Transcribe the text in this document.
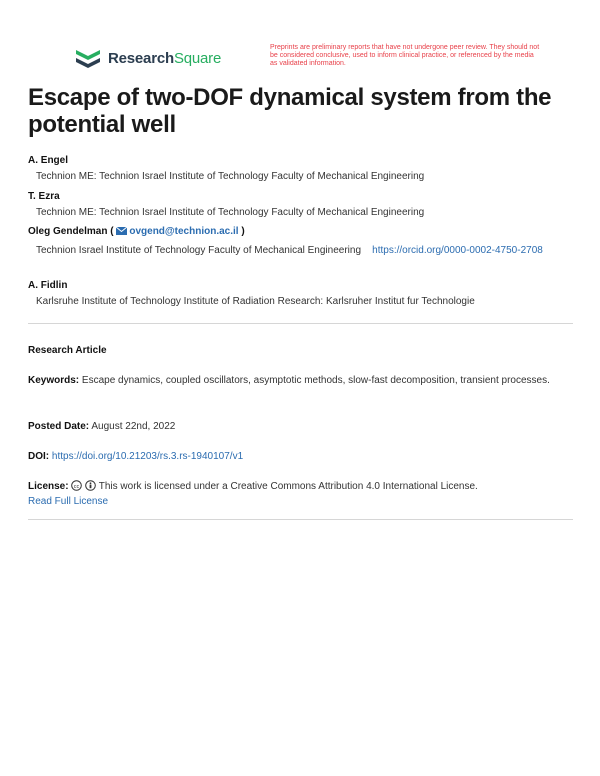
ResearchSquare
Preprints are preliminary reports that have not undergone peer review. They should not be considered conclusive, used to inform clinical practice, or referenced by the media as validated information.
Escape of two-DOF dynamical system from the potential well
A. Engel
Technion ME: Technion Israel Institute of Technology Faculty of Mechanical Engineering
T. Ezra
Technion ME: Technion Israel Institute of Technology Faculty of Mechanical Engineering
Oleg Gendelman ( ovgend@technion.ac.il )
Technion Israel Institute of Technology Faculty of Mechanical Engineering https://orcid.org/0000-0002-4750-2708
A. Fidlin
Karlsruhe Institute of Technology Institute of Radiation Research: Karlsruher Institut fur Technologie
Research Article
Keywords: Escape dynamics, coupled oscillators, asymptotic methods, slow-fast decomposition, transient processes.
Posted Date: August 22nd, 2022
DOI: https://doi.org/10.21203/rs.3.rs-1940107/v1
License: cc This work is licensed under a Creative Commons Attribution 4.0 International License.
Read Full License
